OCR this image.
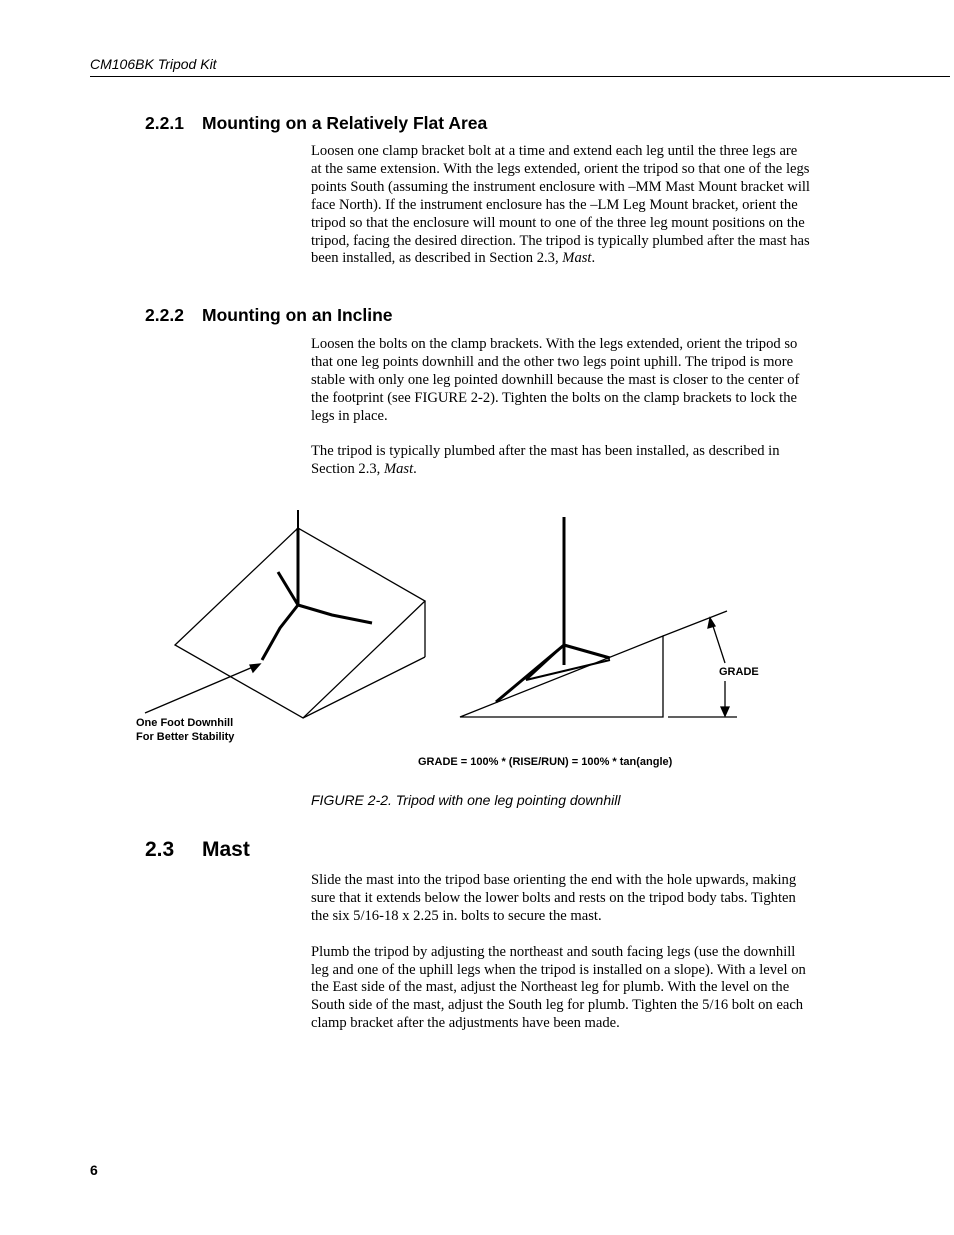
CM106BK Tripod Kit
2.2.1 Mounting on a Relatively Flat Area

Loosen one clamp bracket bolt at a time and extend each leg until the three legs are at the same extension. With the legs extended, orient the tripod so that one of the legs points South (assuming the instrument enclosure with –MM Mast Mount bracket will face North). If the instrument enclosure has the –LM Leg Mount bracket, orient the tripod so that the enclosure will mount to one of the three leg mount positions on the tripod, facing the desired direction. The tripod is typically plumbed after the mast has been installed, as described in Section 2.3, Mast.

2.2.2 Mounting on an Incline

Loosen the bolts on the clamp brackets. With the legs extended, orient the tripod so that one leg points downhill and the other two legs point uphill. The tripod is more stable with only one leg pointed downhill because the mast is closer to the center of the footprint (see FIGURE 2-2). Tighten the bolts on the clamp brackets to lock the legs in place.

The tripod is typically plumbed after the mast has been installed, as described in Section 2.3, Mast.

One Foot Downhill
For Better Stability
GRADE
GRADE = 100% * (RISE/RUN) = 100% * tan(angle)
FIGURE 2-2. Tripod with one leg pointing downhill
2.3 Mast

Slide the mast into the tripod base orienting the end with the hole upwards, making sure that it extends below the lower bolts and rests on the tripod body tabs. Tighten the six 5/16-18 x 2.25 in. bolts to secure the mast.

Plumb the tripod by adjusting the northeast and south facing legs (use the downhill leg and one of the uphill legs when the tripod is installed on a slope). With a level on the East side of the mast, adjust the Northeast leg for plumb. With the level on the South side of the mast, adjust the South leg for plumb. Tighten the 5/16 bolt on each clamp bracket after the adjustments have been made.

6
